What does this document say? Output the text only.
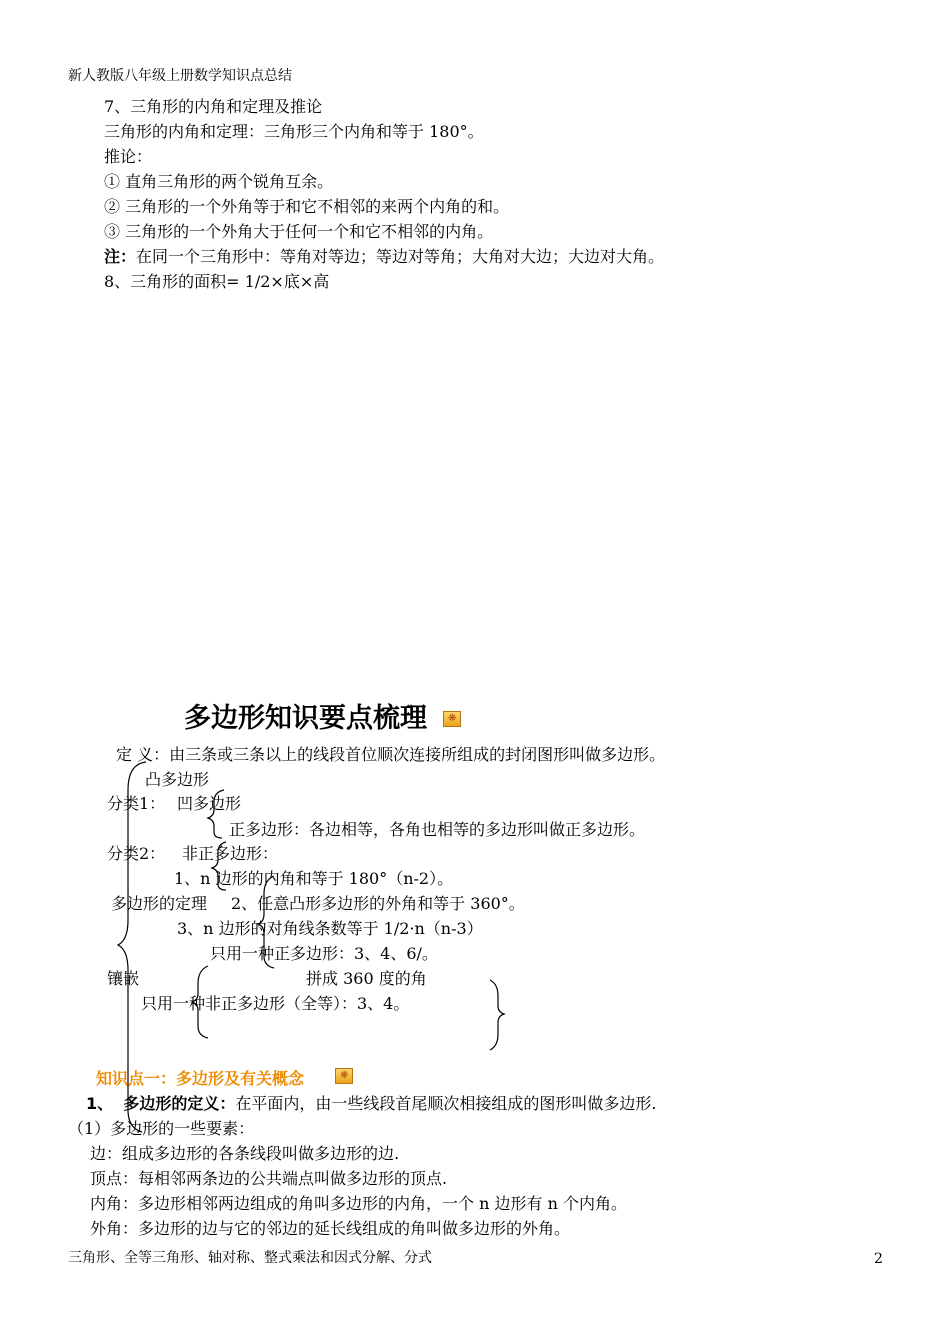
新人教版八年级上册数学知识点总结
7、三角形的内角和定理及推论
三角形的内角和定理：三角形三个内角和等于 180°。
推论：
① 直角三角形的两个锐角互余。
② 三角形的一个外角等于和它不相邻的来两个内角的和。
③ 三角形的一个外角大于任何一个和它不相邻的内角。
注：在同一个三角形中：等角对等边；等边对等角；大角对大边；大边对大角。
8、三角形的面积= 1/2×底×高
多边形知识要点梳理
❋
定 义：由三条或三条以上的线段首位顺次连接所组成的封闭图形叫做多边形。
凸多边形
分类1： 凹多边形
正多边形：各边相等，各角也相等的多边形叫做正多边形。
分类2： 非正多边形：
1、n 边形的内角和等于 180°（n-2）。
多边形的定理 2、任意凸形多边形的外角和等于 360°。
3、n 边形的对角线条数等于 1/2·n（n-3）
只用一种正多边形：3、4、6/。
镶嵌	拼成 360 度的角
只用一种非正多边形（全等）：3、4。
知识点一：多边形及有关概念
❋
1、 多边形的定义：在平面内，由一些线段首尾顺次相接组成的图形叫做多边形.
（1）多边形的一些要素：
边：组成多边形的各条线段叫做多边形的边.
顶点：每相邻两条边的公共端点叫做多边形的顶点.
内角：多边形相邻两边组成的角叫多边形的内角，一个 n 边形有 n 个内角。
外角：多边形的边与它的邻边的延长线组成的角叫做多边形的外角。
三角形、全等三角形、轴对称、整式乘法和因式分解、分式	2
